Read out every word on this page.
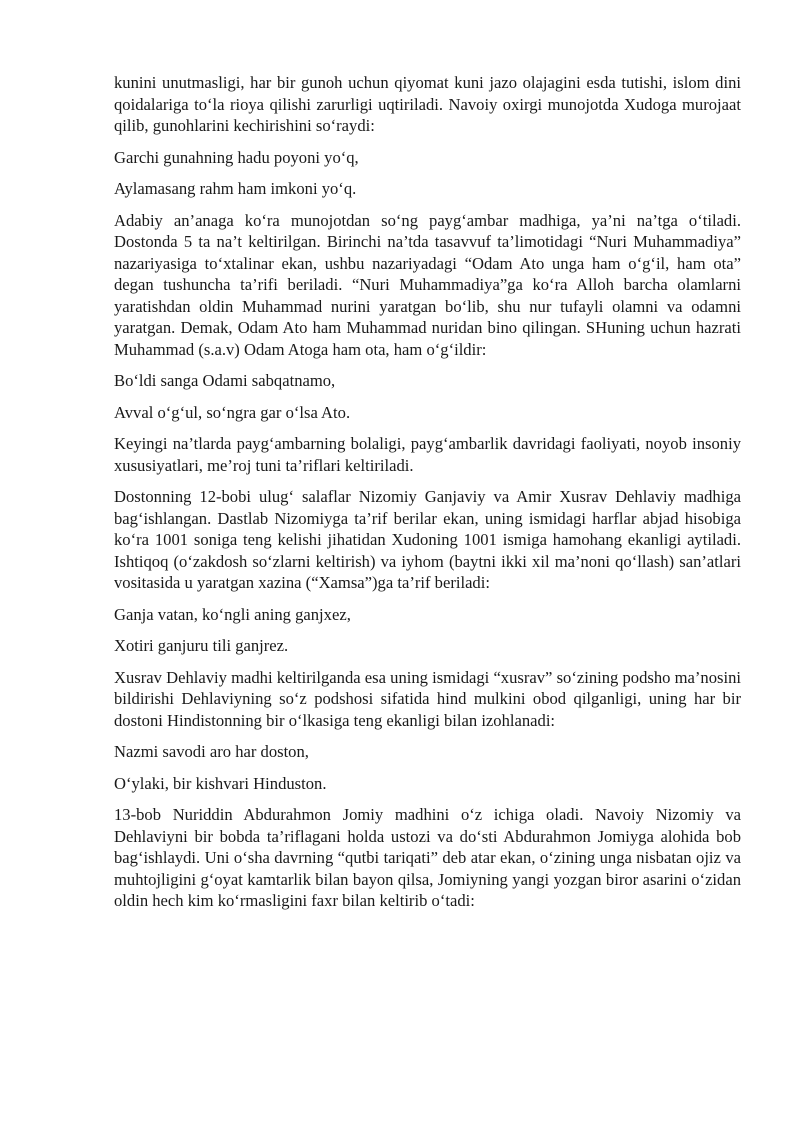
kunini unutmasligi, har bir gunoh uchun qiyomat kuni jazo olajagini esda tutishi, islom dini qoidalariga to‘la rioya qilishi zarurligi uqtiriladi. Navoiy oxirgi munojotda Xudoga murojaat qilib, gunohlarini kechirishini so‘raydi:

Garchi gunahning hadu poyoni yo‘q,

Aylamasang rahm ham imkoni yo‘q.

Adabiy an’anaga ko‘ra munojotdan so‘ng payg‘ambar madhiga, ya’ni na’tga o‘tiladi. Dostonda 5 ta na’t keltirilgan. Birinchi na’tda tasavvuf ta’limotidagi “Nuri Muhammadiya” nazariyasiga to‘xtalinar ekan, ushbu nazariyadagi “Odam Ato unga ham o‘g‘il, ham ota” degan tushuncha ta’rifi beriladi. “Nuri Muhammadiya”ga ko‘ra Alloh barcha olamlarni yaratishdan oldin Muhammad nurini yaratgan bo‘lib, shu nur tufayli olamni va odamni yaratgan. Demak, Odam Ato ham Muhammad nuridan bino qilingan. SHuning uchun hazrati Muhammad (s.a.v) Odam Atoga ham ota, ham o‘g‘ildir:

Bo‘ldi sanga Odami sabqatnamo,

Avval o‘g‘ul, so‘ngra gar o‘lsa Ato.

Keyingi na’tlarda payg‘ambarning bolaligi, payg‘ambarlik davridagi faoliyati, noyob insoniy xususiyatlari, me’roj tuni ta’riflari keltiriladi.

Dostonning 12-bobi ulug‘ salaflar Nizomiy Ganjaviy va Amir Xusrav Dehlaviy madhiga bag‘ishlangan. Dastlab Nizomiyga ta’rif berilar ekan, uning ismidagi harflar abjad hisobiga ko‘ra 1001 soniga teng kelishi jihatidan Xudoning 1001 ismiga hamohang ekanligi aytiladi. Ishtiqoq (o‘zakdosh so‘zlarni keltirish) va iyhom (baytni ikki xil ma’noni qo‘llash) san’atlari vositasida u yaratgan xazina (“Xamsa”)ga ta’rif beriladi:

Ganja vatan, ko‘ngli aning ganjxez,

Xotiri ganjuru tili ganjrez.

Xusrav Dehlaviy madhi keltirilganda esa uning ismidagi “xusrav” so‘zining podsho ma’nosini bildirishi Dehlaviyning so‘z podshosi sifatida hind mulkini obod qilganligi, uning har bir dostoni Hindistonning bir o‘lkasiga teng ekanligi bilan izohlanadi:

Nazmi savodi aro har doston,

O‘ylaki, bir kishvari Hinduston.

13-bob Nuriddin Abdurahmon Jomiy madhini o‘z ichiga oladi. Navoiy Nizomiy va Dehlaviyni bir bobda ta’riflagani holda ustozi va do‘sti Abdurahmon Jomiyga alohida bob bag‘ishlaydi. Uni o‘sha davrning “qutbi tariqati” deb atar ekan, o‘zining unga nisbatan ojiz va muhtojligini g‘oyat kamtarlik bilan bayon qilsa, Jomiyning yangi yozgan biror asarini o‘zidan oldin hech kim ko‘rmasligini faxr bilan keltirib o‘tadi:
